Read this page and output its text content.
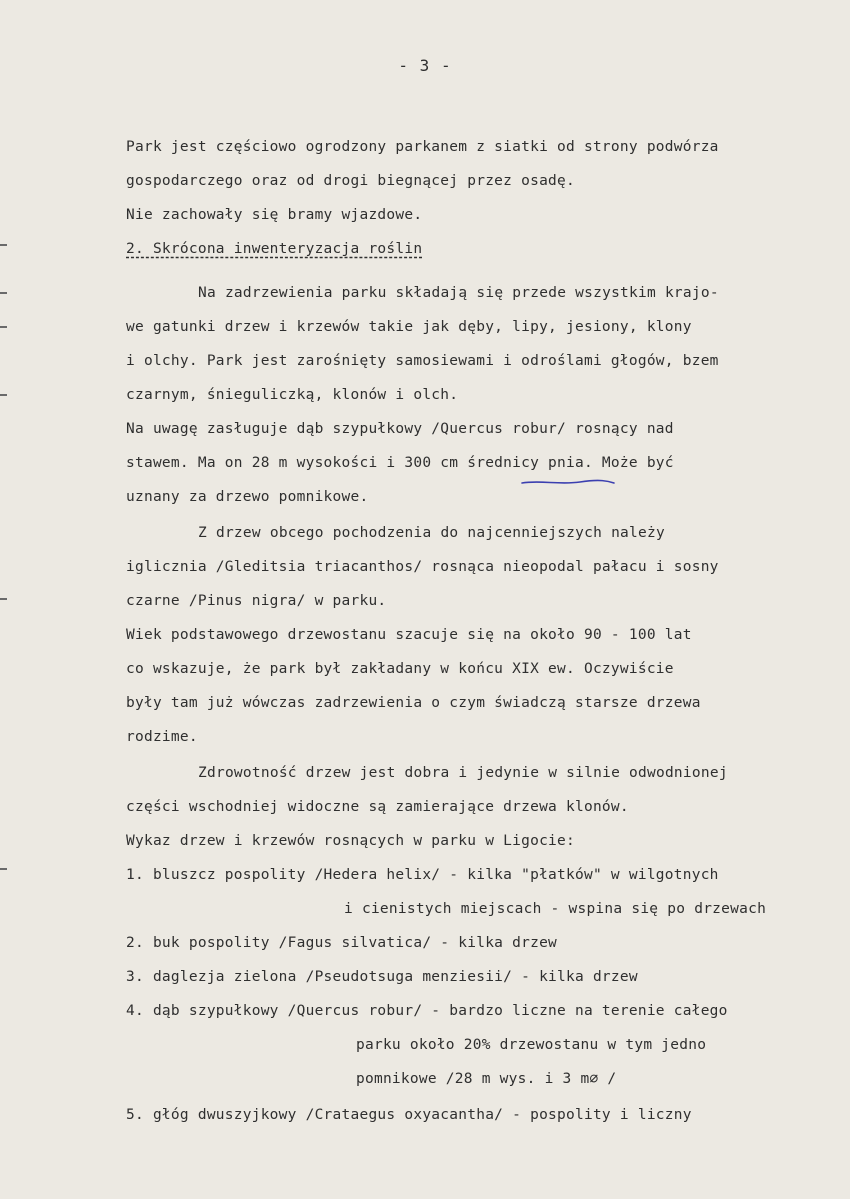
- 3 -
Park jest częściowo ogrodzony parkanem z siatki od strony podwórza
gospodarczego oraz od drogi biegnącej przez osadę.
Nie zachowały się bramy wjazdowe.
2. Skrócona inwenteryzacja roślin
Na zadrzewienia parku składają się przede wszystkim krajo-
we gatunki drzew i krzewów takie jak dęby, lipy, jesiony, klony
i olchy. Park jest zarośnięty samosiewami i odroślami głogów, bzem
czarnym, śnieguliczką, klonów i olch.
Na uwagę zasługuje dąb szypułkowy /Quercus robur/ rosnący nad
stawem. Ma on 28 m wysokości i 300 cm średnicy pnia. Może być
uznany za drzewo pomnikowe.
Z drzew obcego pochodzenia do najcenniejszych należy
iglicznia /Gleditsia triacanthos/ rosnąca nieopodal pałacu i sosny
czarne /Pinus nigra/ w parku.
Wiek podstawowego drzewostanu szacuje się na około 90 - 100 lat
co wskazuje, że park był zakładany w końcu XIX ew. Oczywiście
były tam już wówczas zadrzewienia o czym świadczą starsze drzewa
rodzime.
Zdrowotność drzew jest dobra i jedynie w silnie odwodnionej
części wschodniej widoczne są zamierające drzewa klonów.
Wykaz drzew i krzewów rosnących w parku w Ligocie:
1. bluszcz pospolity /Hedera helix/ - kilka "płatków" w wilgotnych
i cienistych miejscach - wspina się po drzewach
2. buk pospolity /Fagus silvatica/ - kilka drzew
3. daglezja zielona /Pseudotsuga menziesii/ - kilka drzew
4. dąb szypułkowy /Quercus robur/ - bardzo liczne na terenie całego
parku około 20% drzewostanu w tym jedno
pomnikowe /28 m wys. i 3 m⌀ /
5. głóg dwuszyjkowy /Crataegus oxyacantha/ - pospolity i liczny
